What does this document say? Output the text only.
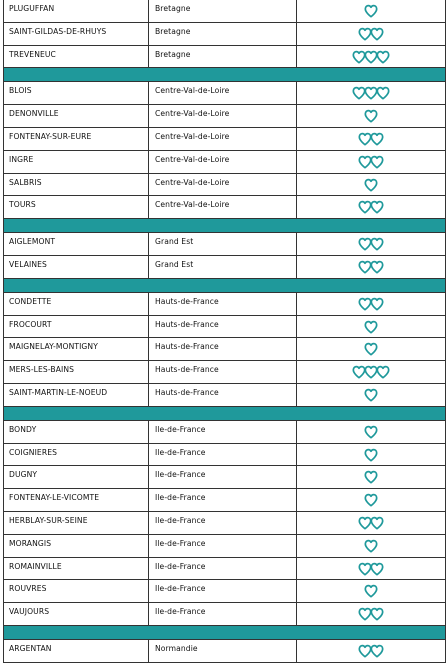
PLUGUFFAN	Bretagne
SAINT-GILDAS-DE-RHUYS	Bretagne
TREVENEUC	Bretagne
BLOIS	Centre-Val-de-Loire
DENONVILLE	Centre-Val-de-Loire
FONTENAY-SUR-EURE	Centre-Val-de-Loire
INGRE	Centre-Val-de-Loire
SALBRIS	Centre-Val-de-Loire
TOURS	Centre-Val-de-Loire
AIGLEMONT	Grand Est
VELAINES	Grand Est
CONDETTE	Hauts-de-France
FROCOURT	Hauts-de-France
MAIGNELAY-MONTIGNY	Hauts-de-France
MERS-LES-BAINS	Hauts-de-France
SAINT-MARTIN-LE-NOEUD	Hauts-de-France
BONDY	Ile-de-France
COIGNIERES	Ile-de-France
DUGNY	Ile-de-France
FONTENAY-LE-VICOMTE	Ile-de-France
HERBLAY-SUR-SEINE	Ile-de-France
MORANGIS	Ile-de-France
ROMAINVILLE	Ile-de-France
ROUVRES	Ile-de-France
VAUJOURS	Ile-de-France
ARGENTAN	Normandie
